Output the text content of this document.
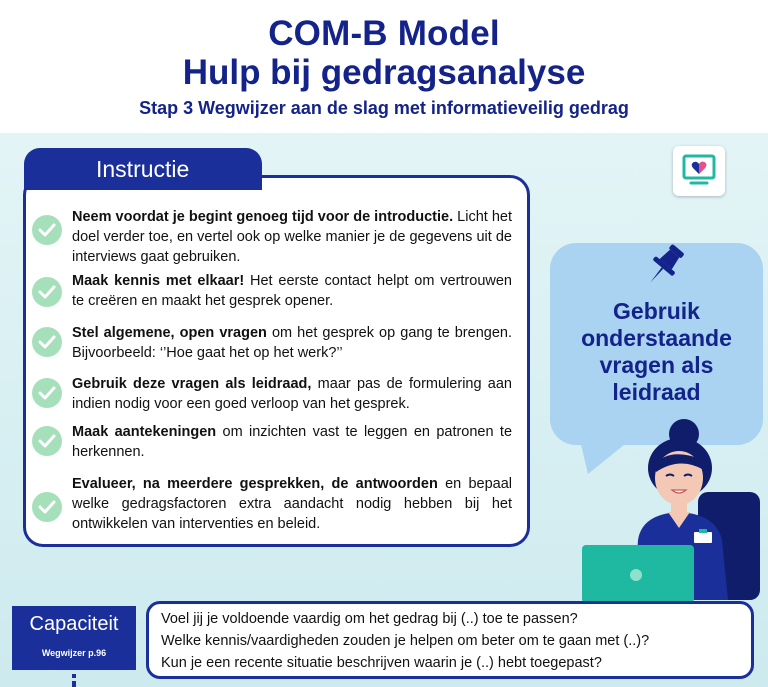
COM-B Model
Hulp bij gedragsanalyse
Stap 3 Wegwijzer aan de slag met informatieveilig gedrag
Instructie
Neem voordat je begint genoeg tijd voor de introductie. Licht het doel verder toe, en vertel ook op welke manier je de gegevens uit de interviews gaat gebruiken.
Maak kennis met elkaar! Het eerste contact helpt om vertrouwen te creëren en maakt het gesprek opener.
Stel algemene, open vragen om het gesprek op gang te brengen. Bijvoorbeeld: ‘’Hoe gaat het op het werk?’’
Gebruik deze vragen als leidraad, maar pas de formulering aan indien nodig voor een goed verloop van het gesprek.
Maak aantekeningen om inzichten vast te leggen en patronen te herkennen.
Evalueer, na meerdere gesprekken, de antwoorden en bepaal welke gedragsfactoren extra aandacht nodig hebben bij het ontwikkelen van interventies en beleid.
Gebruik
onderstaande
vragen als
leidraad
Capaciteit
Wegwijzer p.96
Voel jij je voldoende vaardig om het gedrag bij (..) toe te passen?
Welke kennis/vaardigheden zouden je helpen om beter om te gaan met (..)?
Kun je een recente situatie beschrijven waarin je (..) hebt toegepast?
